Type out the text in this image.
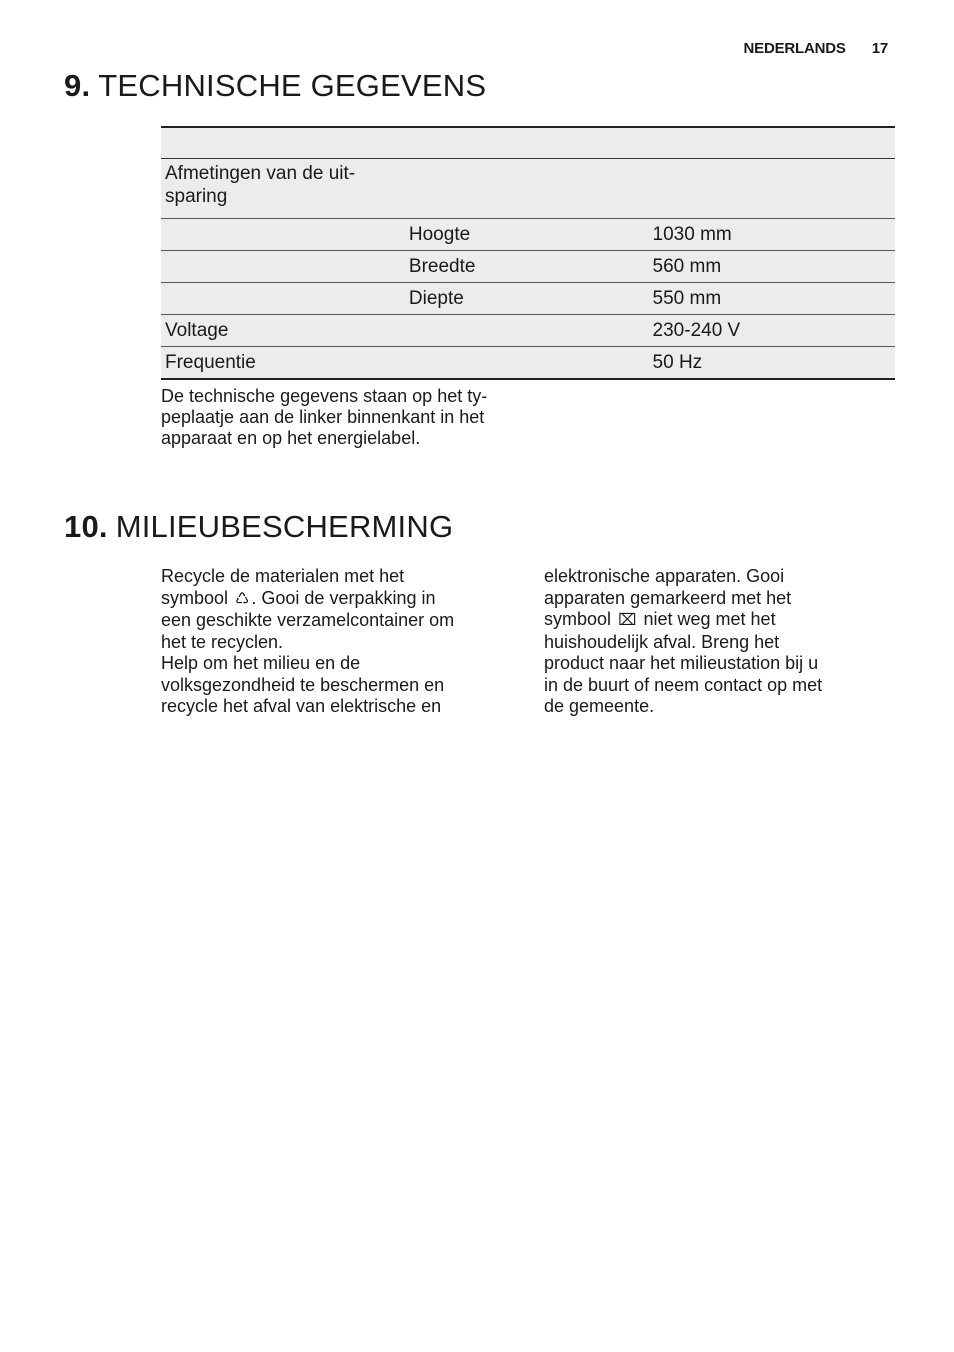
NEDERLANDS 17
9. TECHNISCHE GEGEVENS

Afmetingen van de uit-
sparing		
	Hoogte	1030 mm
	Breedte	560 mm
	Diepte	550 mm
Voltage		230-240 V
Frequentie		50 Hz

De technische gegevens staan op het ty-
peplaatje aan de linker binnenkant in het
apparaat en op het energielabel.

10. MILIEUBESCHERMING

Recycle de materialen met het
symbool ♺ . Gooi de verpakking in
een geschikte verzamelcontainer om
het te recyclen.
Help om het milieu en de
volksgezondheid te beschermen en
recycle het afval van elektrische en

elektronische apparaten. Gooi
apparaten gemarkeerd met het
symbool ⌧ niet weg met het
huishoudelijk afval. Breng het
product naar het milieustation bij u
in de buurt of neem contact op met
de gemeente.
